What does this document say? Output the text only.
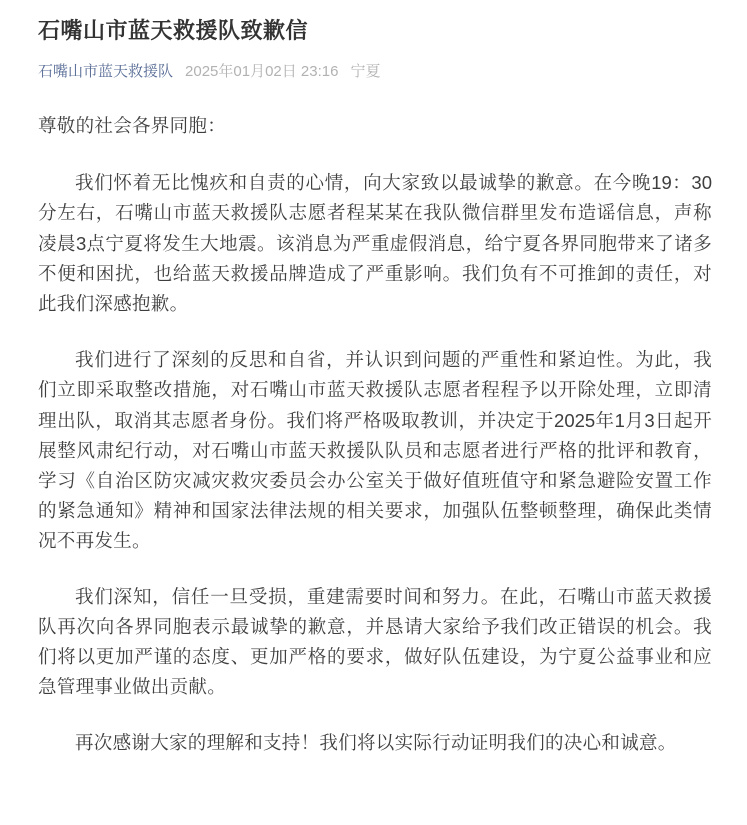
石嘴山市蓝天救援队致歉信
石嘴山市蓝天救援队 2025年01月02日 23:16 宁夏

尊敬的社会各界同胞：

我们怀着无比愧疚和自责的心情，向大家致以最诚挚的歉意。在今晚19：30分左右，石嘴山市蓝天救援队志愿者程某某在我队微信群里发布造谣信息，声称凌晨3点宁夏将发生大地震。该消息为严重虚假消息，给宁夏各界同胞带来了诸多不便和困扰，也给蓝天救援品牌造成了严重影响。我们负有不可推卸的责任，对此我们深感抱歉。

我们进行了深刻的反思和自省，并认识到问题的严重性和紧迫性。为此，我们立即采取整改措施，对石嘴山市蓝天救援队志愿者程程予以开除处理，立即清理出队，取消其志愿者身份。我们将严格吸取教训，并决定于2025年1月3日起开展整风肃纪行动，对石嘴山市蓝天救援队队员和志愿者进行严格的批评和教育，学习《自治区防灾减灾救灾委员会办公室关于做好值班值守和紧急避险安置工作的紧急通知》精神和国家法律法规的相关要求，加强队伍整顿整理，确保此类情况不再发生。

我们深知，信任一旦受损，重建需要时间和努力。在此，石嘴山市蓝天救援队再次向各界同胞表示最诚挚的歉意，并恳请大家给予我们改正错误的机会。我们将以更加严谨的态度、更加严格的要求，做好队伍建设，为宁夏公益事业和应急管理事业做出贡献。

再次感谢大家的理解和支持！我们将以实际行动证明我们的决心和诚意。
